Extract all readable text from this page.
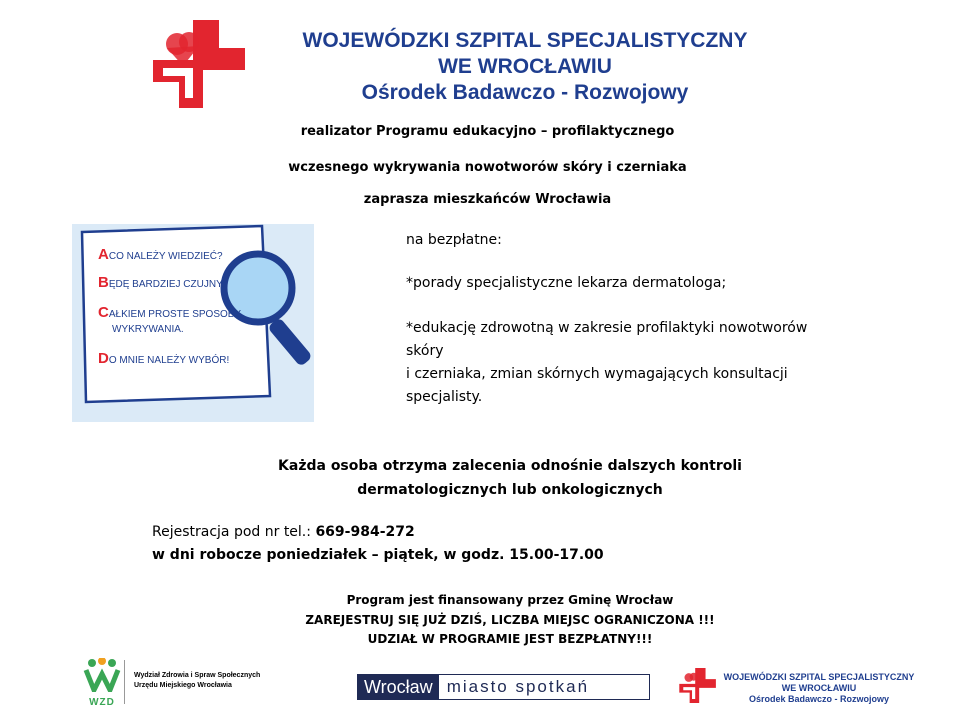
WOJEWÓDZKI SZPITAL SPECJALISTYCZNY
WE WROCŁAWIU
Ośrodek Badawczo - Rozwojowy
realizator Programu edukacyjno – profilaktycznego
wczesnego wykrywania nowotworów skóry i czerniaka
zaprasza mieszkańców Wrocławia
ACO NALEŻY WIEDZIEĆ?
BĘDĘ BARDZIEJ CZUJNY.
CAŁKIEM PROSTE SPOSOBY
WYKRYWANIA.
DO MNIE NALEŻY WYBÓR!
na bezpłatne:
*porady specjalistyczne lekarza dermatologa;
*edukację zdrowotną w zakresie profilaktyki nowotworów
skóry
i czerniaka, zmian skórnych wymagających konsultacji
specjalisty.
Każda osoba otrzyma zalecenia odnośnie dalszych kontroli
dermatologicznych lub onkologicznych
Rejestracja pod nr tel.: 669-984-272
w dni robocze poniedziałek – piątek, w godz. 15.00-17.00
Program jest finansowany przez Gminę Wrocław
ZAREJESTRUJ SIĘ JUŻ DZIŚ, LICZBA MIEJSC OGRANICZONA !!!
UDZIAŁ W PROGRAMIE JEST BEZPŁATNY!!!
WZD
Wydział Zdrowia i Spraw Społecznych
Urzędu Miejskiego Wrocławia	Wrocław miasto spotkań	WOJEWÓDZKI SZPITAL SPECJALISTYCZNY
WE WROCŁAWIU
Ośrodek Badawczo - Rozwojowy
